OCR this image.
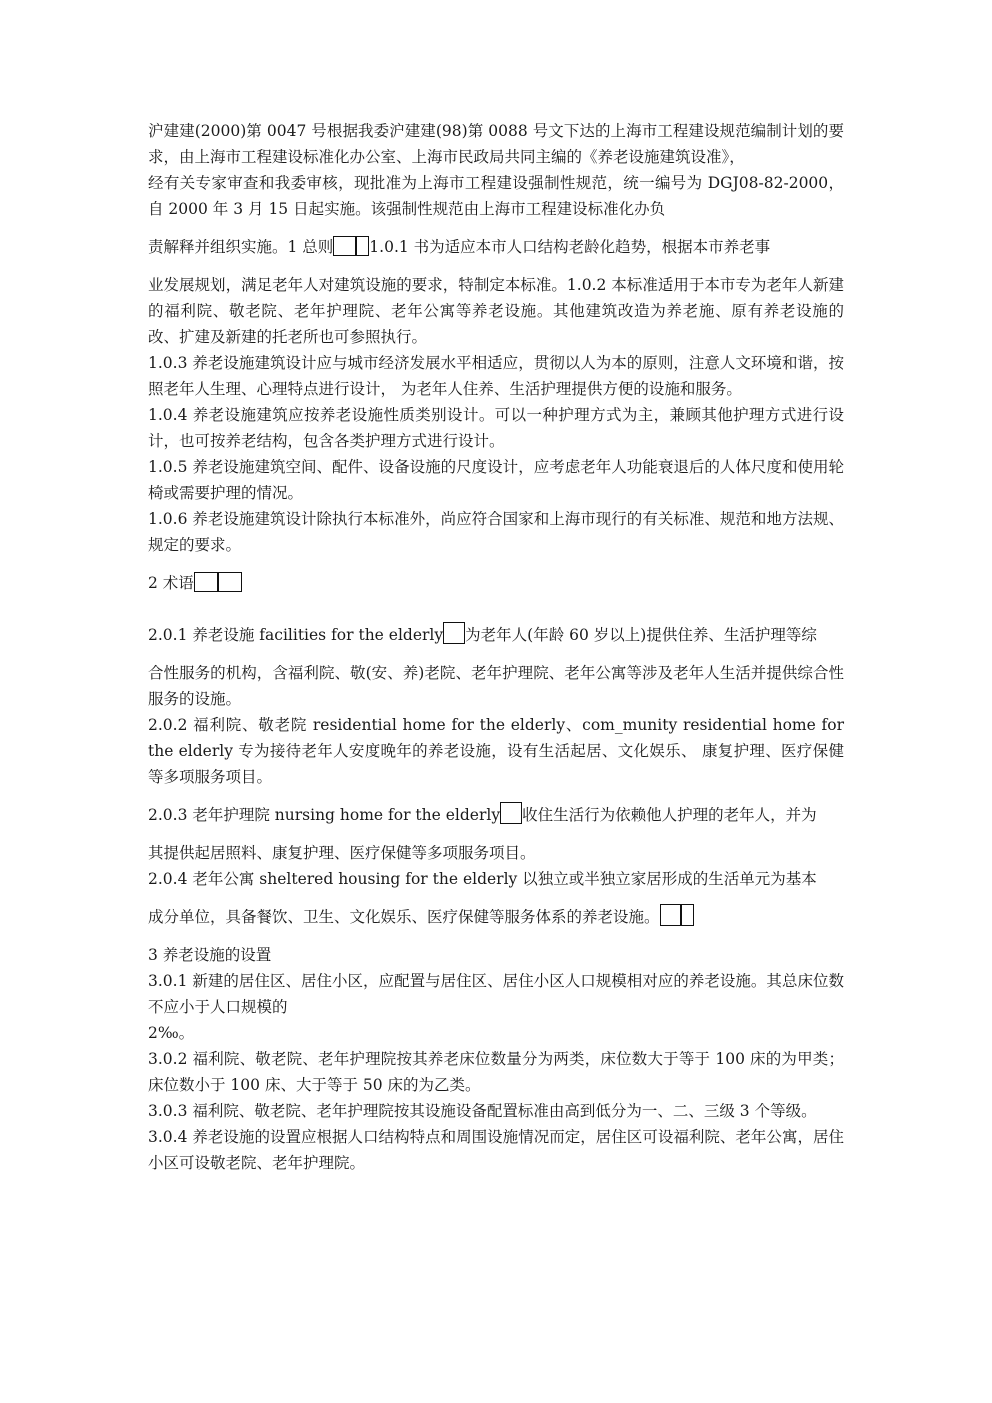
沪建建(2000)第 0047 号根据我委沪建建(98)第 0088 号文下达的上海市工程建设规范编制计划的要求，由上海市工程建设标准化办公室、上海市民政局共同主编的《养老设施建筑设准》，

经有关专家审查和我委审核，现批准为上海市工程建设强制性规范，统一编号为 DGJ08-82-2000，自 2000 年 3 月 15 日起实施。该强制性规范由上海市工程建设标准化办负

责解释并组织实施。1 总则 1.0.1 书为适应本市人口结构老龄化趋势，根据本市养老事

业发展规划，满足老年人对建筑设施的要求，特制定本标准。1.0.2 本标准适用于本市专为老年人新建的福利院、敬老院、老年护理院、老年公寓等养老设施。其他建筑改造为养老施、原有养老设施的改、扩建及新建的托老所也可参照执行。

1.0.3 养老设施建筑设计应与城市经济发展水平相适应，贯彻以人为本的原则，注意人文环境和谐，按照老年人生理、心理特点进行设计， 为老年人住养、生活护理提供方便的设施和服务。

1.0.4 养老设施建筑应按养老设施性质类别设计。可以一种护理方式为主，兼顾其他护理方式进行设计，也可按养老结构，包含各类护理方式进行设计。

1.0.5 养老设施建筑空间、配件、设备设施的尺度设计，应考虑老年人功能衰退后的人体尺度和使用轮椅或需要护理的情况。

1.0.6 养老设施建筑设计除执行本标准外，尚应符合国家和上海市现行的有关标准、规范和地方法规、规定的要求。

2 术语

2.0.1 养老设施 facilities for the elderly 为老年人(年龄 60 岁以上)提供住养、生活护理等综

合性服务的机构，含福利院、敬(安、养)老院、老年护理院、老年公寓等涉及老年人生活并提供综合性服务的设施。

2.0.2 福利院、敬老院 residential home for the elderly、com_munity residential home for the elderly 专为接待老年人安度晚年的养老设施，设有生活起居、文化娱乐、 康复护理、医疗保健等多项服务项目。

2.0.3 老年护理院 nursing home for the elderly 收住生活行为依赖他人护理的老年人，并为

其提供起居照料、康复护理、医疗保健等多项服务项目。

2.0.4 老年公寓 sheltered housing for the elderly 以独立或半独立家居形成的生活单元为基本

成分单位，具备餐饮、卫生、文化娱乐、医疗保健等服务体系的养老设施。

3 养老设施的设置

3.0.1 新建的居住区、居住小区，应配置与居住区、居住小区人口规模相对应的养老设施。其总床位数不应小于人口规模的

2‰。

3.0.2 福利院、敬老院、老年护理院按其养老床位数量分为两类，床位数大于等于 100 床的为甲类；床位数小于 100 床、大于等于 50 床的为乙类。

3.0.3 福利院、敬老院、老年护理院按其设施设备配置标准由高到低分为一、二、三级 3 个等级。

3.0.4 养老设施的设置应根据人口结构特点和周围设施情况而定，居住区可设福利院、老年公寓，居住小区可设敬老院、老年护理院。
